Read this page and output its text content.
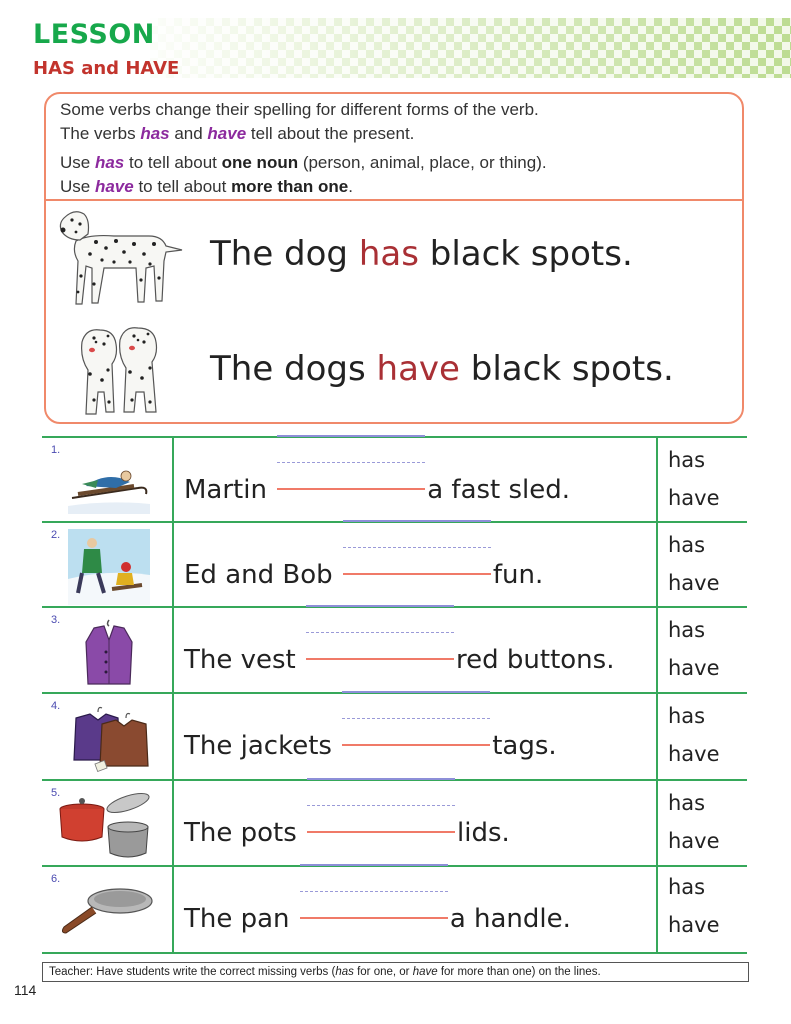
LESSON
HAS and HAVE
Some verbs change their spelling for different forms of the verb.
The verbs has and have tell about the present.
Use has to tell about one noun (person, animal, place, or thing).
Use have to tell about more than one.
The dog has black spots.
The dogs have black spots.
1.
Martin	a fast sled.
has
have
2.
Ed and Bob	fun.
has
have
3.
The vest	red buttons.
has
have
4.
The jackets	tags.
has
have
5.
The pots	lids.
has
have
6.
The pan	a handle.
has
have
Teacher: Have students write the correct missing verbs (has for one, or have for more than one) on the lines.
114
